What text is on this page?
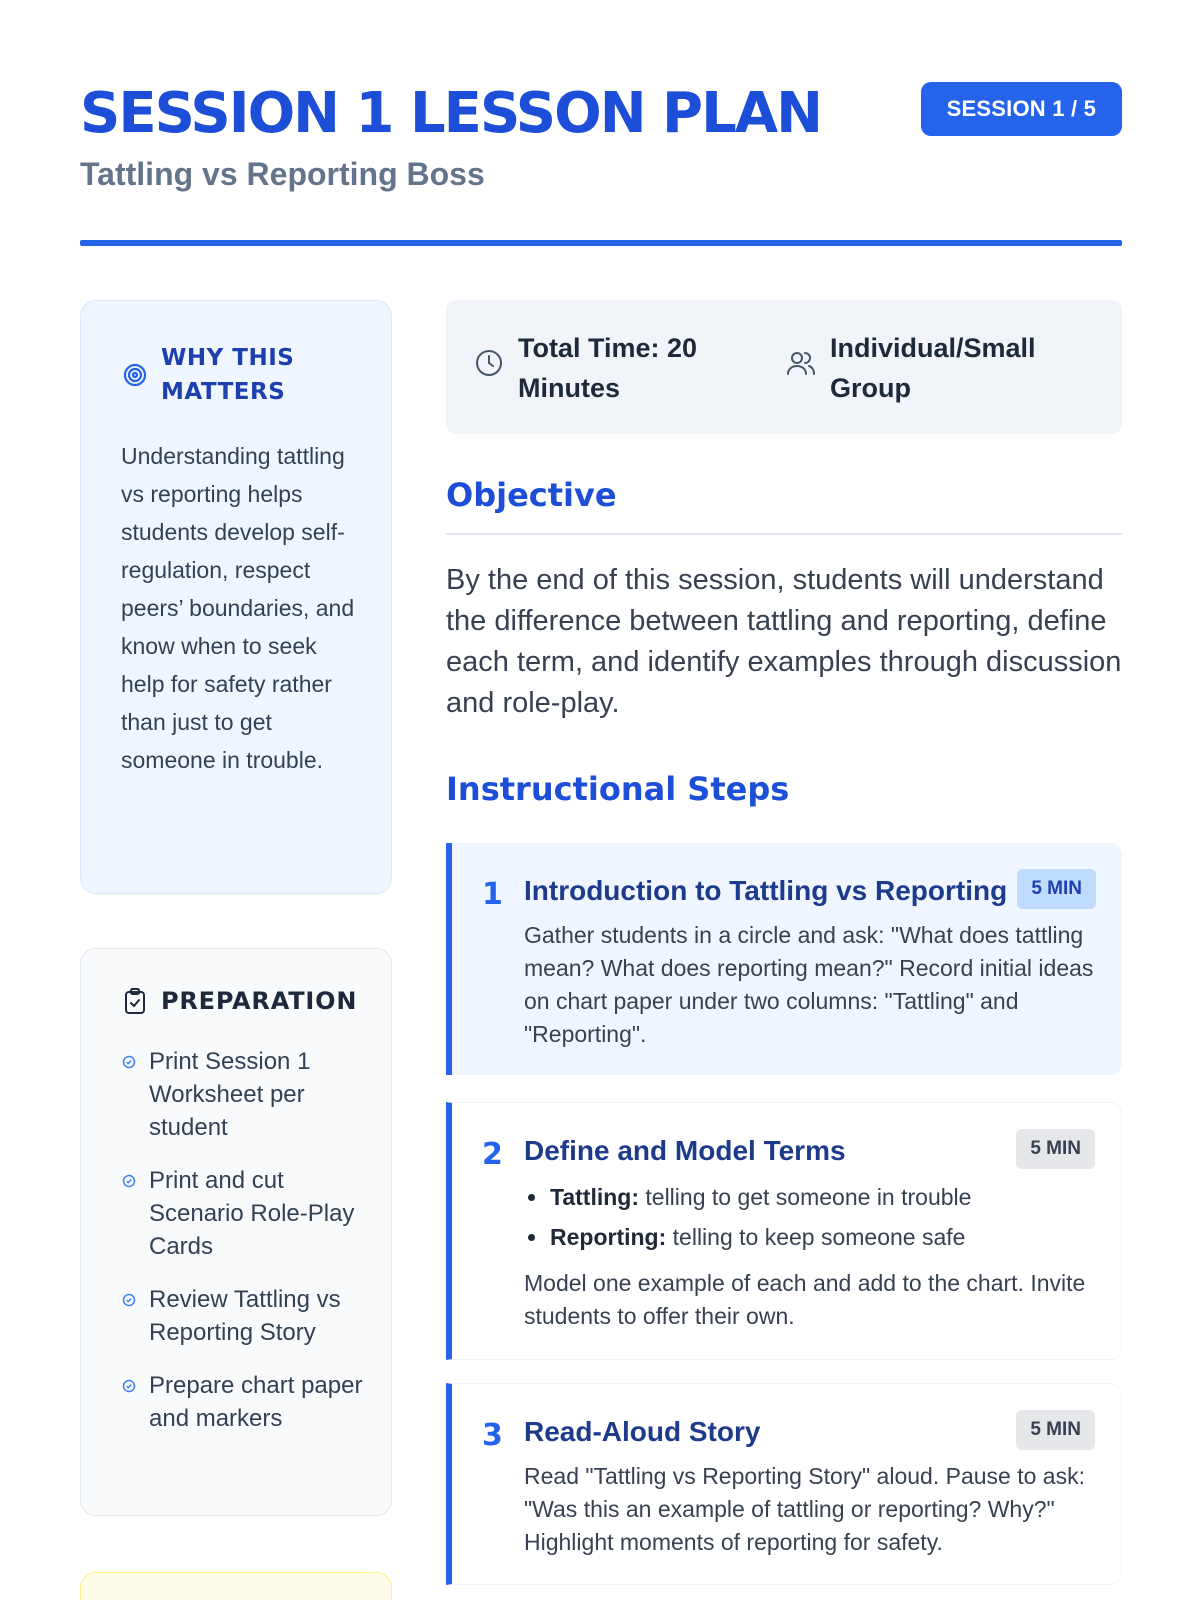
SESSION 1 LESSON PLAN
Tattling vs Reporting Boss
SESSION 1 / 5
WHY THIS MATTERS

Understanding tattling vs reporting helps students develop self-regulation, respect peers’ boundaries, and know when to seek help for safety rather than just to get someone in trouble.

PREPARATION
Print Session 1 Worksheet per student
Print and cut Scenario Role-Play Cards
Review Tattling vs Reporting Story
Prepare chart paper and markers
Total Time: 20 Minutes
Individual/Small Group
Objective

By the end of this session, students will understand the difference between tattling and reporting, define each term, and identify examples through discussion and role-play.

Instructional Steps
1 Introduction to Tattling vs Reporting	5 MIN

Gather students in a circle and ask: "What does tattling mean? What does reporting mean?" Record initial ideas on chart paper under two columns: "Tattling" and "Reporting".

2 Define and Model Terms	5 MIN
Tattling: telling to get someone in trouble
Reporting: telling to keep someone safe

Model one example of each and add to the chart. Invite students to offer their own.

3 Read-Aloud Story	5 MIN

Read "Tattling vs Reporting Story" aloud. Pause to ask: "Was this an example of tattling or reporting? Why?" Highlight moments of reporting for safety.
